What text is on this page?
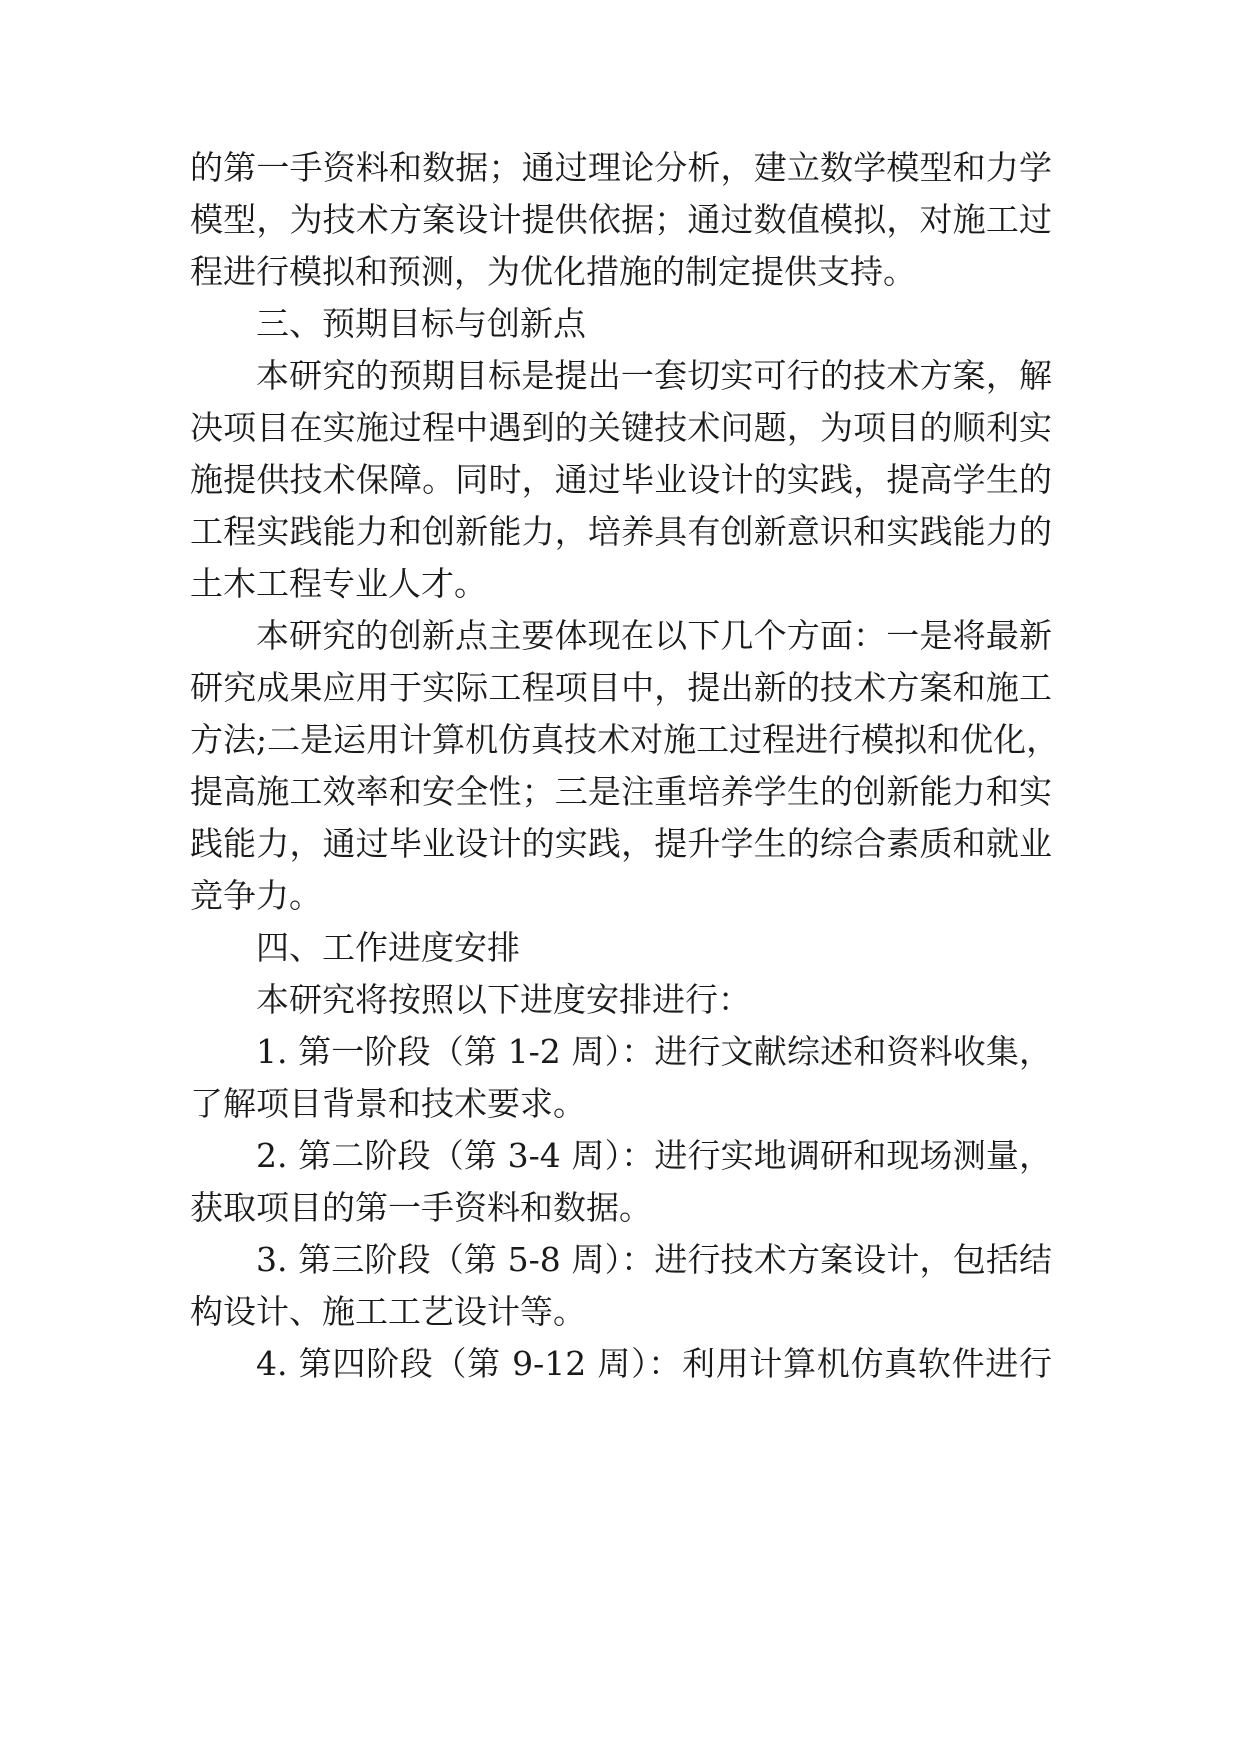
的第一手资料和数据；通过理论分析，建立数学模型和力学
模型，为技术方案设计提供依据；通过数值模拟，对施工过
程进行模拟和预测，为优化措施的制定提供支持。
三、预期目标与创新点
本研究的预期目标是提出一套切实可行的技术方案，解
决项目在实施过程中遇到的关键技术问题，为项目的顺利实
施提供技术保障。同时，通过毕业设计的实践，提高学生的
工程实践能力和创新能力，培养具有创新意识和实践能力的
土木工程专业人才。
本研究的创新点主要体现在以下几个方面：一是将最新
研究成果应用于实际工程项目中，提出新的技术方案和施工
方法;二是运用计算机仿真技术对施工过程进行模拟和优化，
提高施工效率和安全性；三是注重培养学生的创新能力和实
践能力，通过毕业设计的实践，提升学生的综合素质和就业
竞争力。
四、工作进度安排
本研究将按照以下进度安排进行：
1. 第一阶段（第 1-2 周）：进行文献综述和资料收集，
了解项目背景和技术要求。
2. 第二阶段（第 3-4 周）：进行实地调研和现场测量，
获取项目的第一手资料和数据。
3. 第三阶段（第 5-8 周）：进行技术方案设计，包括结
构设计、施工工艺设计等。
4. 第四阶段（第 9-12 周）：利用计算机仿真软件进行
